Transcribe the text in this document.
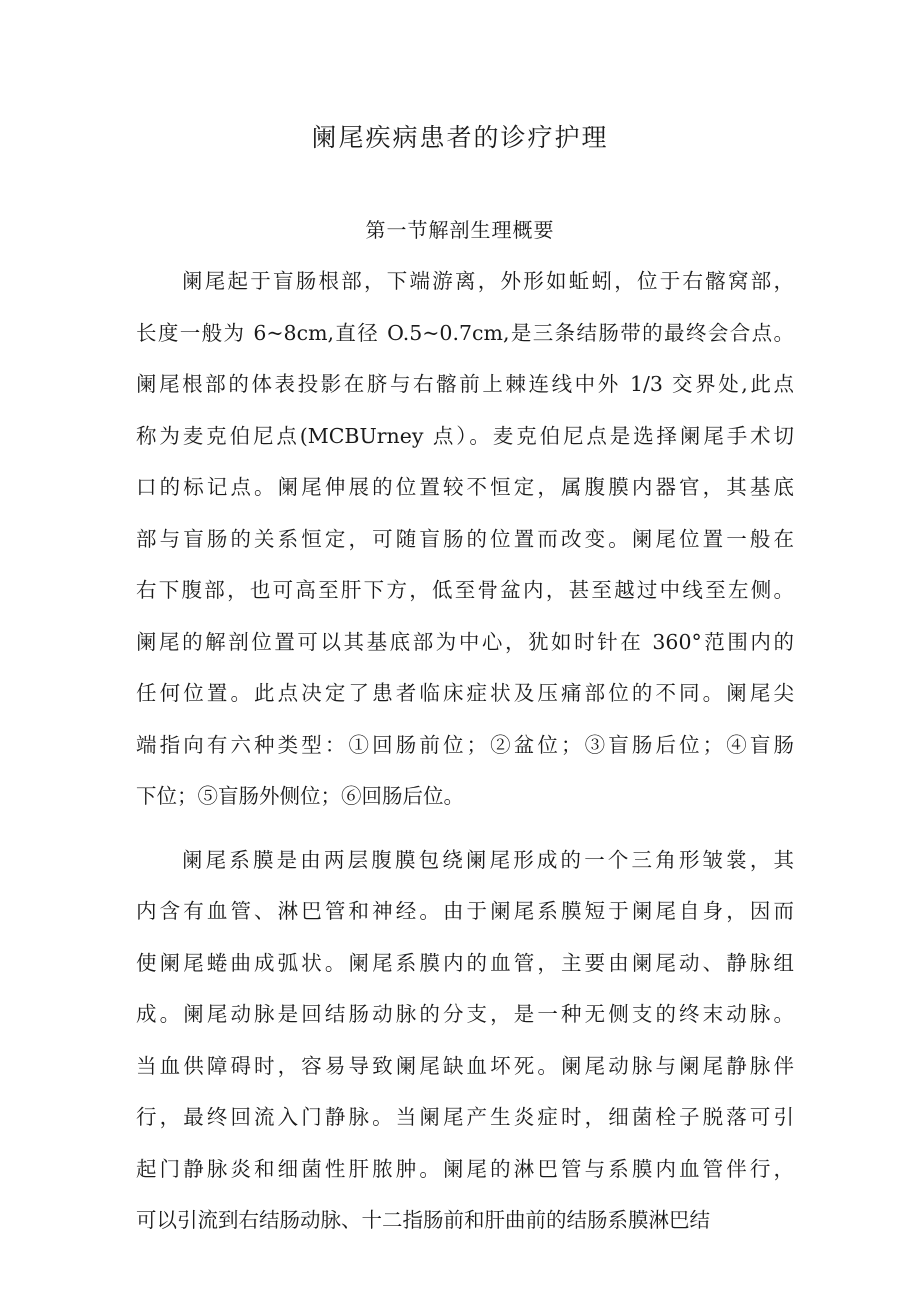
阑尾疾病患者的诊疗护理
第一节解剖生理概要
阑尾起于盲肠根部，下端游离，外形如蚯蚓，位于右髂窝部，
长度一般为 6~8cm,直径 O.5~0.7cm,是三条结肠带的最终会合点。
阑尾根部的体表投影在脐与右髂前上棘连线中外 1/3 交界处,此点
称为麦克伯尼点(MCBUrney 点）。麦克伯尼点是选择阑尾手术切
口的标记点。阑尾伸展的位置较不恒定，属腹膜内器官，其基底
部与盲肠的关系恒定，可随盲肠的位置而改变。阑尾位置一般在
右下腹部，也可高至肝下方，低至骨盆内，甚至越过中线至左侧。
阑尾的解剖位置可以其基底部为中心，犹如时针在 360°范围内的
任何位置。此点决定了患者临床症状及压痛部位的不同。阑尾尖
端指向有六种类型：①回肠前位；②盆位；③盲肠后位；④盲肠
下位；⑤盲肠外侧位；⑥回肠后位。
阑尾系膜是由两层腹膜包绕阑尾形成的一个三角形皱裳，其
内含有血管、淋巴管和神经。由于阑尾系膜短于阑尾自身，因而
使阑尾蜷曲成弧状。阑尾系膜内的血管，主要由阑尾动、静脉组
成。阑尾动脉是回结肠动脉的分支，是一种无侧支的终末动脉。
当血供障碍时，容易导致阑尾缺血坏死。阑尾动脉与阑尾静脉伴
行，最终回流入门静脉。当阑尾产生炎症时，细菌栓子脱落可引
起门静脉炎和细菌性肝脓肿。阑尾的淋巴管与系膜内血管伴行，
可以引流到右结肠动脉、十二指肠前和肝曲前的结肠系膜淋巴结
